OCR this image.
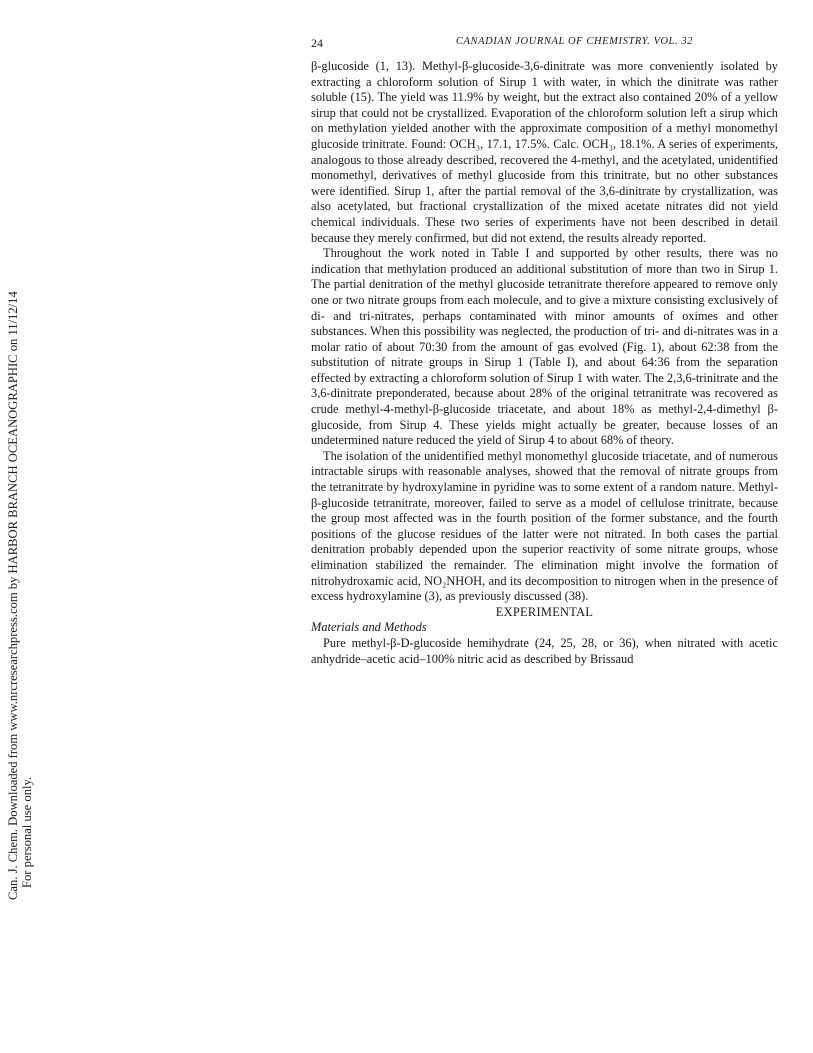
Can. J. Chem. Downloaded from www.nrcresearchpress.com by HARBOR BRANCH OCEANOGRAPHIC on 11/12/14 For personal use only.
24	CANADIAN JOURNAL OF CHEMISTRY. VOL. 32

β-glucoside (1, 13). Methyl-β-glucoside-3,6-dinitrate was more conveniently isolated by extracting a chloroform solution of Sirup 1 with water, in which the dinitrate was rather soluble (15). The yield was 11.9% by weight, but the extract also contained 20% of a yellow sirup that could not be crystallized. Evaporation of the chloroform solution left a sirup which on methylation yielded another with the approximate composition of a methyl monomethyl glucoside trinitrate. Found: OCH₃, 17.1, 17.5%. Calc. OCH₃, 18.1%. A series of experiments, analogous to those already described, recovered the 4-methyl, and the acetylated, unidentified monomethyl, derivatives of methyl glucoside from this trinitrate, but no other substances were identified. Sirup 1, after the partial removal of the 3,6-dinitrate by crystallization, was also acetylated, but fractional crystallization of the mixed acetate nitrates did not yield chemical individuals. These two series of experiments have not been described in detail because they merely confirmed, but did not extend, the results already reported.

Throughout the work noted in Table I and supported by other results, there was no indication that methylation produced an additional substitution of more than two in Sirup 1. The partial denitration of the methyl glucoside tetranitrate therefore appeared to remove only one or two nitrate groups from each molecule, and to give a mixture consisting exclusively of di- and tri-nitrates, perhaps contaminated with minor amounts of oximes and other substances. When this possibility was neglected, the production of tri- and di-nitrates was in a molar ratio of about 70:30 from the amount of gas evolved (Fig. 1), about 62:38 from the substitution of nitrate groups in Sirup 1 (Table I), and about 64:36 from the separation effected by extracting a chloroform solution of Sirup 1 with water. The 2,3,6-trinitrate and the 3,6-dinitrate preponderated, because about 28% of the original tetranitrate was recovered as crude methyl-4-methyl-β-glucoside triacetate, and about 18% as methyl-2,4-dimethyl β-glucoside, from Sirup 4. These yields might actually be greater, because losses of an undetermined nature reduced the yield of Sirup 4 to about 68% of theory.

The isolation of the unidentified methyl monomethyl glucoside triacetate, and of numerous intractable sirups with reasonable analyses, showed that the removal of nitrate groups from the tetranitrate by hydroxylamine in pyridine was to some extent of a random nature. Methyl-β-glucoside tetranitrate, moreover, failed to serve as a model of cellulose trinitrate, because the group most affected was in the fourth position of the former substance, and the fourth positions of the glucose residues of the latter were not nitrated. In both cases the partial denitration probably depended upon the superior reactivity of some nitrate groups, whose elimination stabilized the remainder. The elimination might involve the formation of nitrohydroxamic acid, NO₂NHOH, and its decomposition to nitrogen when in the presence of excess hydroxylamine (3), as previously discussed (38).

EXPERIMENTAL
Materials and Methods

Pure methyl-β-D-glucoside hemihydrate (24, 25, 28, or 36), when nitrated with acetic anhydride–acetic acid–100% nitric acid as described by Brissaud
